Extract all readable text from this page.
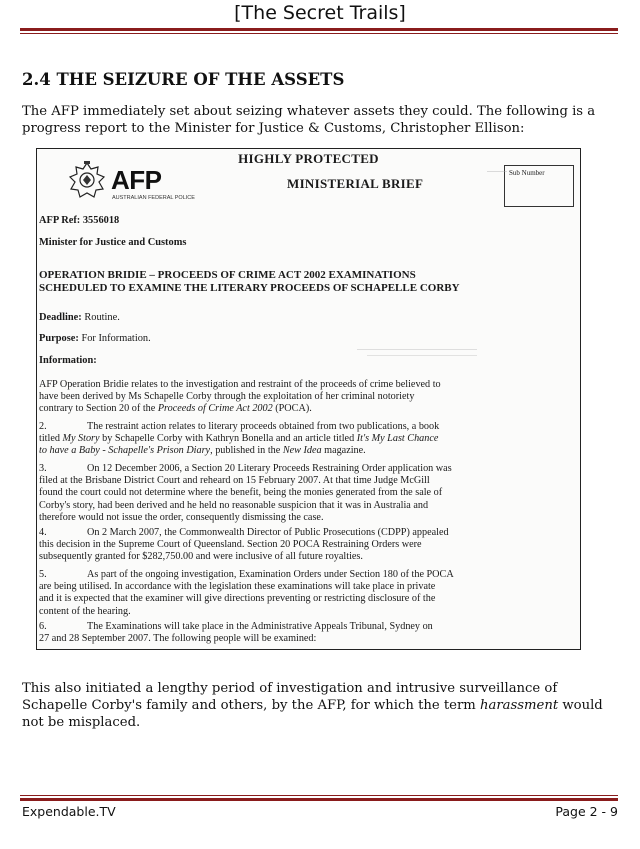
[The Secret Trails]
2.4 THE SEIZURE OF THE ASSETS
The AFP immediately set about seizing whatever assets they could. The following is a progress report to the Minister for Justice & Customs, Christopher Ellison:
HIGHLY PROTECTED
MINISTERIAL BRIEF
Sub Number
AFP
AUSTRALIAN FEDERAL POLICE
AFP Ref: 3556018
Minister for Justice and Customs
OPERATION BRIDIE – PROCEEDS OF CRIME ACT 2002 EXAMINATIONS
SCHEDULED TO EXAMINE THE LITERARY PROCEEDS OF SCHAPELLE CORBY
Deadline: Routine.
Purpose: For Information.
Information:
AFP Operation Bridie relates to the investigation and restraint of the proceeds of crime believed to
have been derived by Ms Schapelle Corby through the exploitation of her criminal notoriety
contrary to Section 20 of the Proceeds of Crime Act 2002 (POCA).
2.	The restraint action relates to literary proceeds obtained from two publications, a book
titled My Story by Schapelle Corby with Kathryn Bonella and an article titled It's My Last Chance
to have a Baby - Schapelle's Prison Diary, published in the New Idea magazine.
3.	On 12 December 2006, a Section 20 Literary Proceeds Restraining Order application was
filed at the Brisbane District Court and reheard on 15 February 2007. At that time Judge McGill
found the court could not determine where the benefit, being the monies generated from the sale of
Corby's story, had been derived and he held no reasonable suspicion that it was in Australia and
therefore would not issue the order, consequently dismissing the case.
4.	On 2 March 2007, the Commonwealth Director of Public Prosecutions (CDPP) appealed
this decision in the Supreme Court of Queensland. Section 20 POCA Restraining Orders were
subsequently granted for $282,750.00 and were inclusive of all future royalties.
5.	As part of the ongoing investigation, Examination Orders under Section 180 of the POCA
are being utilised. In accordance with the legislation these examinations will take place in private
and it is expected that the examiner will give directions preventing or restricting disclosure of the
content of the hearing.
6.	The Examinations will take place in the Administrative Appeals Tribunal, Sydney on
27 and 28 September 2007. The following people will be examined:
This also initiated a lengthy period of investigation and intrusive surveillance of Schapelle Corby's family and others, by the AFP, for which the term harassment would not be misplaced.
Expendable.TV	Page 2 - 9
